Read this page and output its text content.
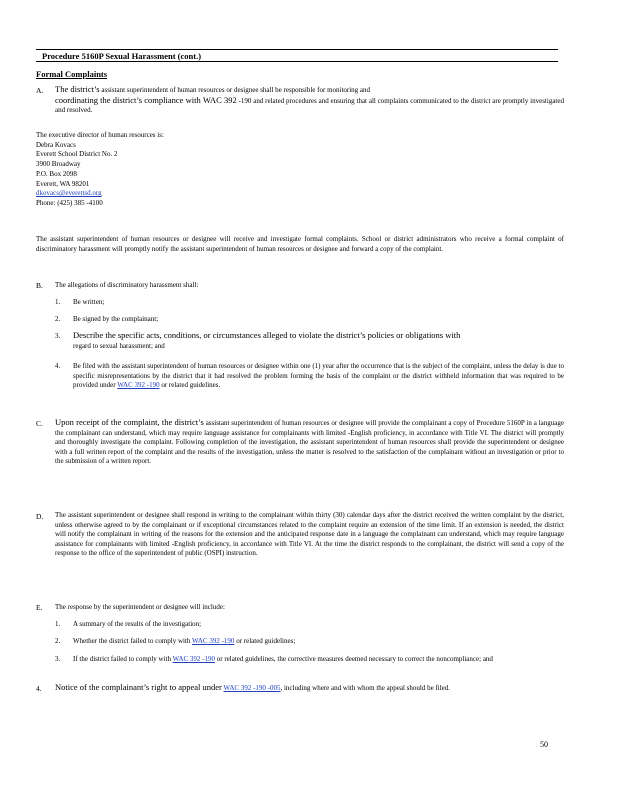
Procedure 5160P Sexual Harassment (cont.)
Formal Complaints
A. The district’s assistant superintendent of human resources or designee shall be responsible for monitoring and
coordinating the district’s compliance with WAC 392 -190 and related procedures and ensuring that all complaints communicated to the district are promptly investigated and resolved.
The executive director of human resources is:
Debra Kovacs
Everett School District No. 2
3900 Broadway
P.O. Box 2098
Everett, WA 98201
dkovacs@everettsd.org
Phone: (425) 385 -4100
The assistant superintendent of human resources or designee will receive and investigate formal complaints. School or district administrators who receive a formal complaint of discriminatory harassment will promptly notify the assistant superintendent of human resources or designee and forward a copy of the complaint.
B. The allegations of discriminatory harassment shall:
1. Be written;
2. Be signed by the complainant;
3. Describe the specific acts, conditions, or circumstances alleged to violate the district’s policies or obligations with
regard to sexual harassment; and
4. Be filed with the assistant superintendent of human resources or designee within one (1) year after the occurrence that is the subject of the complaint, unless the delay is due to specific misrepresentations by the district that it had resolved the problem forming the basis of the complaint or the district withheld information that was required to be provided under WAC 392 -190 or related guidelines.
C. Upon receipt of the complaint, the district’s assistant superintendent of human resources or designee will provide the complainant a copy of Procedure 5160P in a language the complainant can understand, which may require language assistance for complainants with limited -English proficiency, in accordance with Title VI. The district will promptly and thoroughly investigate the complaint. Following completion of the investigation, the assistant superintendent of human resources shall provide the superintendent or designee with a full written report of the complaint and the results of the investigation, unless the matter is resolved to the satisfaction of the complainant without an investigation or prior to the submission of a written report.
D. The assistant superintendent or designee shall respond in writing to the complainant within thirty (30) calendar days after the district received the written complaint by the district, unless otherwise agreed to by the complainant or if exceptional circumstances related to the complaint require an extension of the time limit. If an extension is needed, the district will notify the complainant in writing of the reasons for the extension and the anticipated response date in a language the complainant can understand, which may require language assistance for complainants with limited -English proficiency, in accordance with Title VI. At the time the district responds to the complainant, the district will send a copy of the response to the office of the superintendent of public (OSPI) instruction.
E. The response by the superintendent or designee will include:
1. A summary of the results of the investigation;
2. Whether the district failed to comply with WAC 392 -190 or related guidelines;
3. If the district failed to comply with WAC 392 -190 or related guidelines, the corrective measures deemed necessary to correct the noncompliance; and
4. Notice of the complainant’s right to appeal under WAC 392 -190 -005, including where and with whom the appeal should be filed.
50
